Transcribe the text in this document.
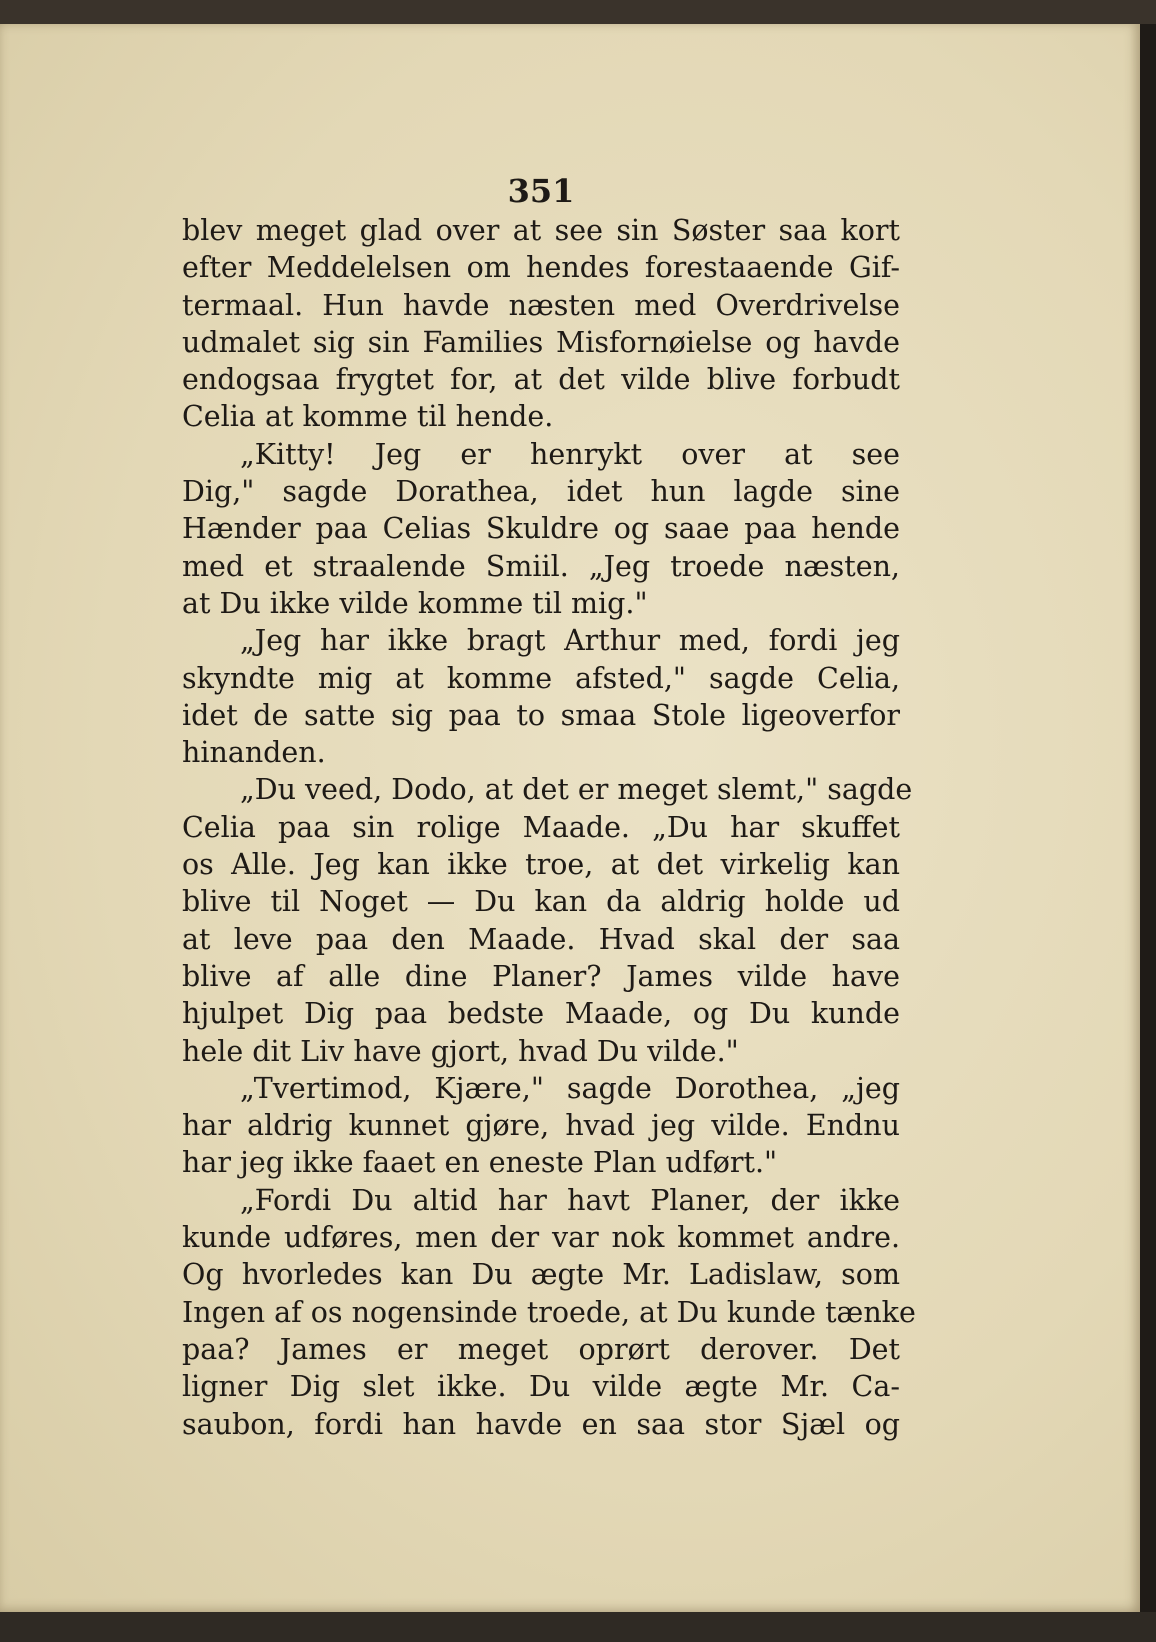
351
blev meget glad over at see sin Søster saa kort
efter Meddelelsen om hendes forestaaende Gif-
termaal. Hun havde næsten med Overdrivelse
udmalet sig sin Families Misfornøielse og havde
endogsaa frygtet for, at det vilde blive forbudt
Celia at komme til hende.
„Kitty! Jeg er henrykt over at see
Dig," sagde Dorathea, idet hun lagde sine
Hænder paa Celias Skuldre og saae paa hende
med et straalende Smiil. „Jeg troede næsten,
at Du ikke vilde komme til mig."
„Jeg har ikke bragt Arthur med, fordi jeg
skyndte mig at komme afsted," sagde Celia,
idet de satte sig paa to smaa Stole ligeoverfor
hinanden.
„Du veed, Dodo, at det er meget slemt," sagde
Celia paa sin rolige Maade. „Du har skuffet
os Alle. Jeg kan ikke troe, at det virkelig kan
blive til Noget — Du kan da aldrig holde ud
at leve paa den Maade. Hvad skal der saa
blive af alle dine Planer? James vilde have
hjulpet Dig paa bedste Maade, og Du kunde
hele dit Liv have gjort, hvad Du vilde."
„Tvertimod, Kjære," sagde Dorothea, „jeg
har aldrig kunnet gjøre, hvad jeg vilde. Endnu
har jeg ikke faaet en eneste Plan udført."
„Fordi Du altid har havt Planer, der ikke
kunde udføres, men der var nok kommet andre.
Og hvorledes kan Du ægte Mr. Ladislaw, som
Ingen af os nogensinde troede, at Du kunde tænke
paa? James er meget oprørt derover. Det
ligner Dig slet ikke. Du vilde ægte Mr. Ca-
saubon, fordi han havde en saa stor Sjæl og
